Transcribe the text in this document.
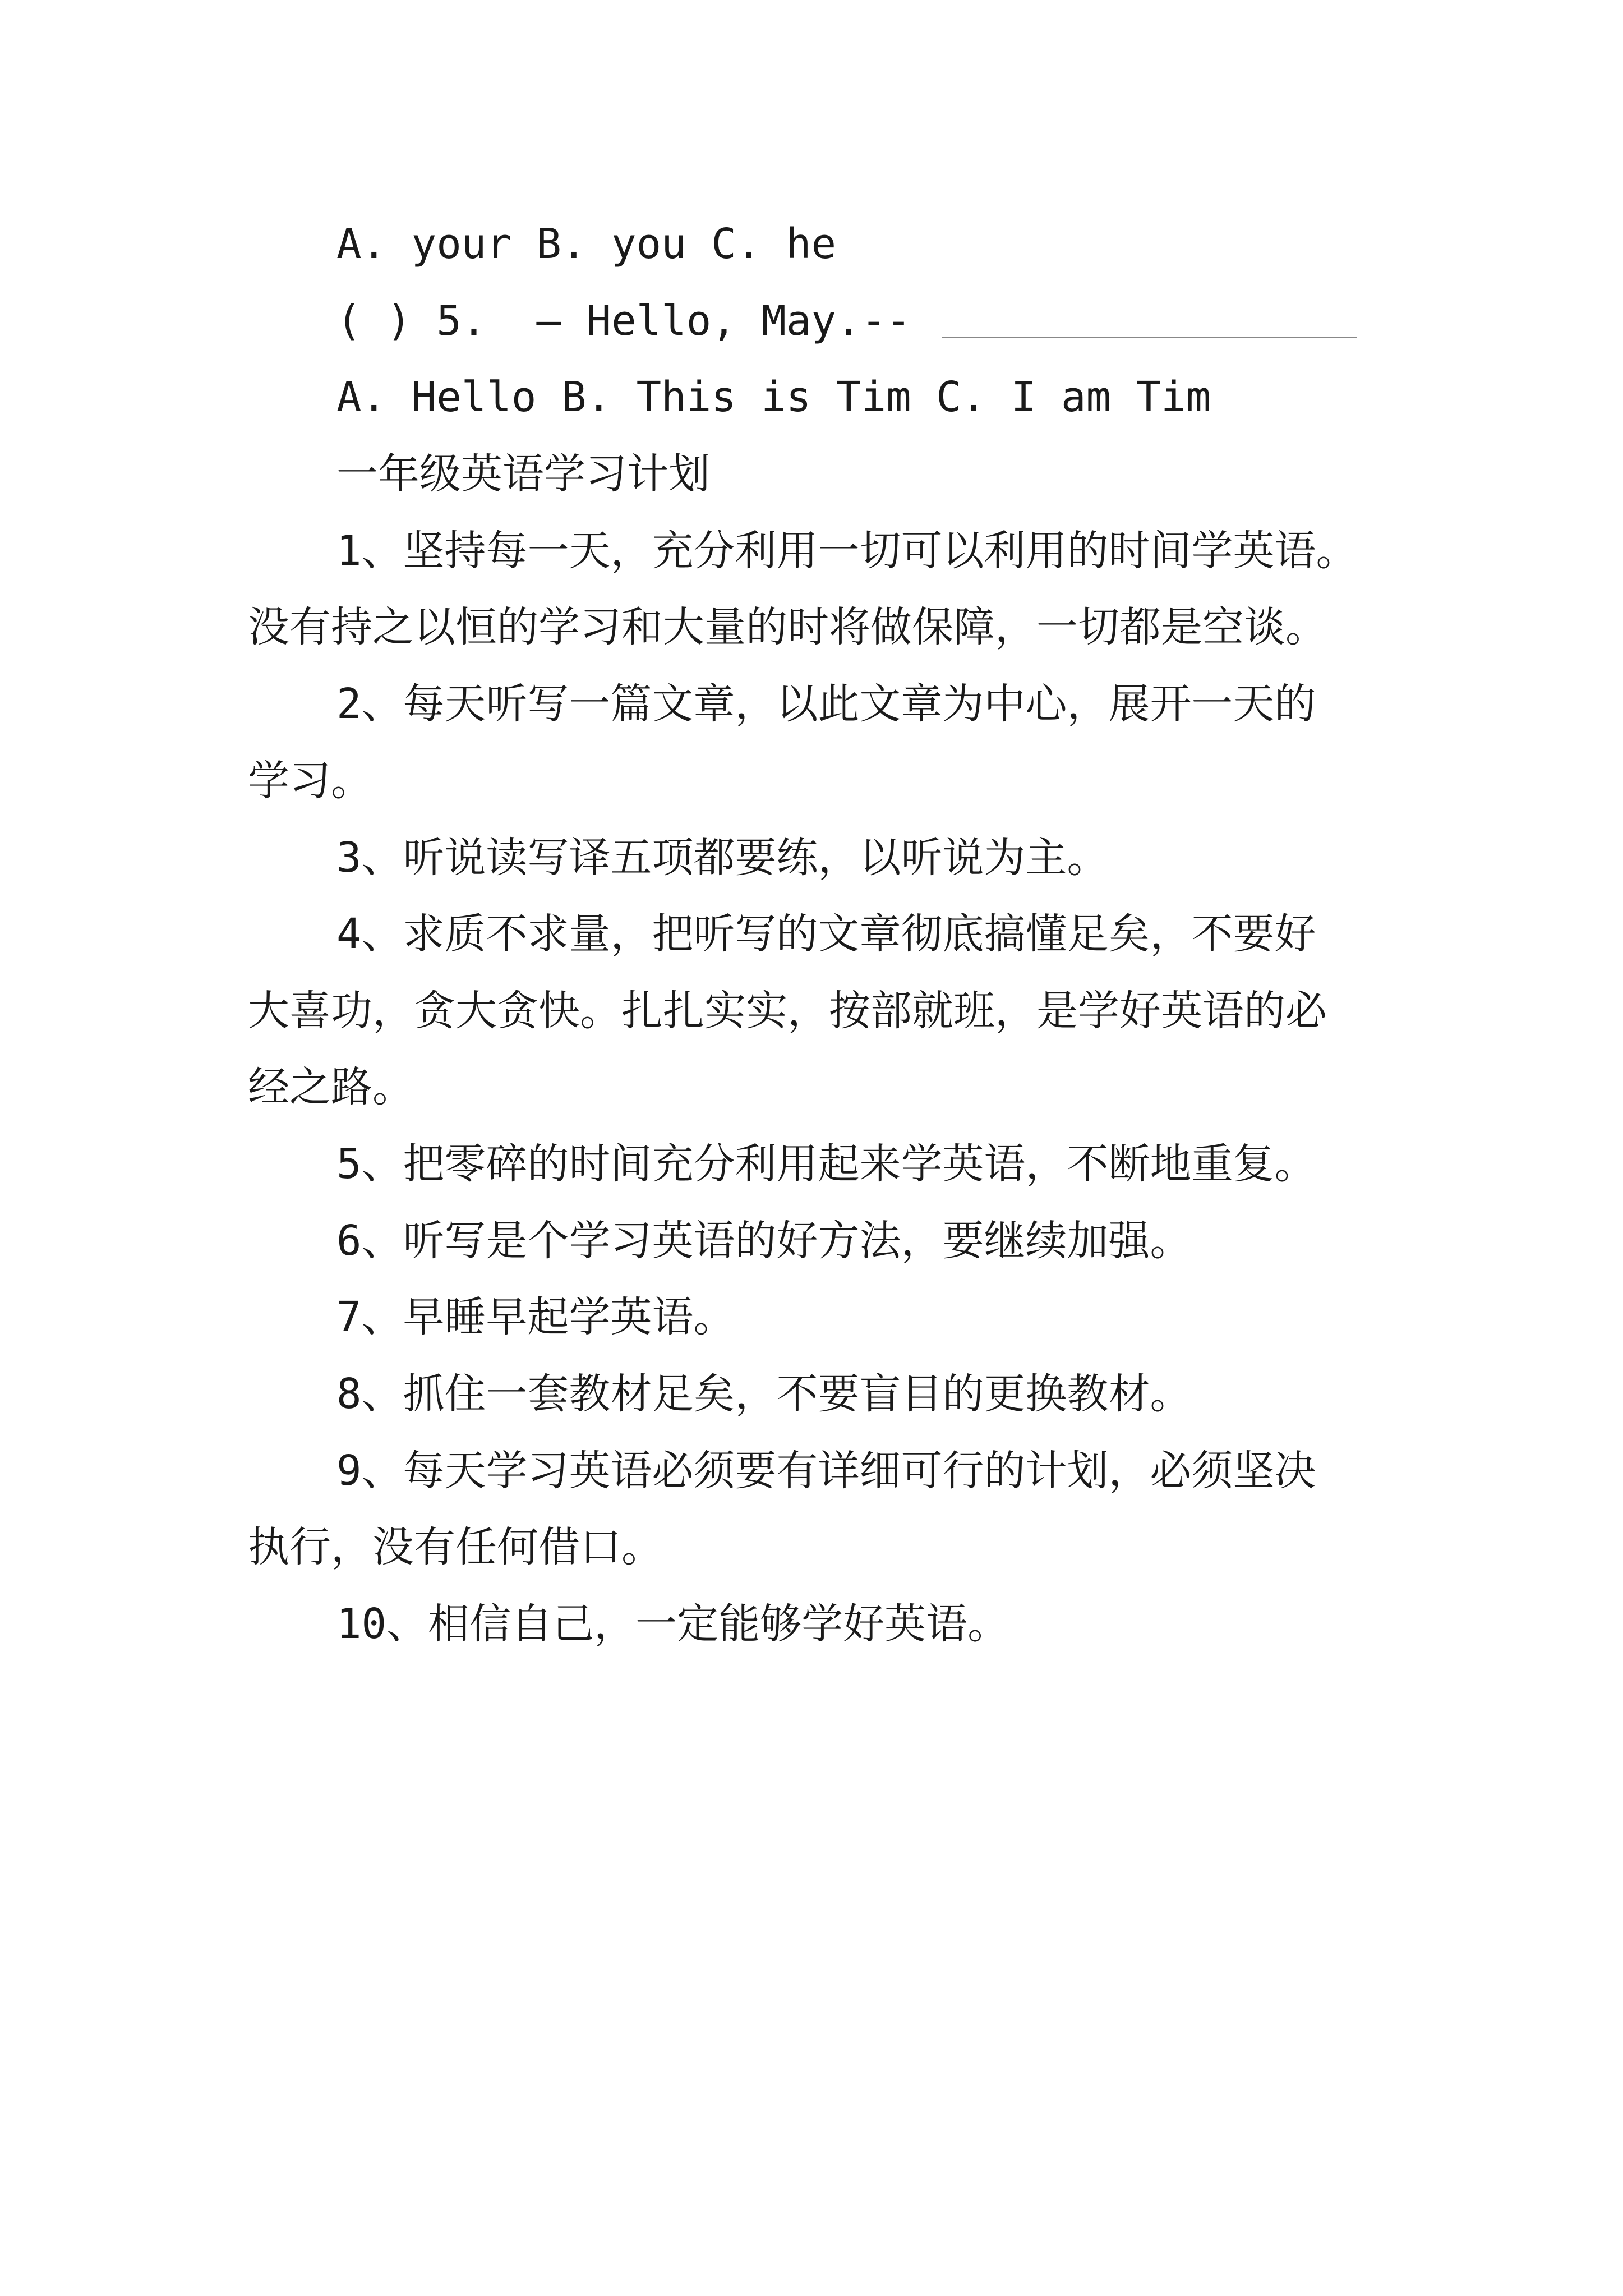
A. your B. you C. he
( ) 5.  – Hello, May.--
A. Hello B. This is Tim C. I am Tim
一年级英语学习计划
1、坚持每一天，充分利用一切可以利用的时间学英语。
没有持之以恒的学习和大量的时将做保障，一切都是空谈。
2、每天听写一篇文章，以此文章为中心，展开一天的
学习。
3、听说读写译五项都要练，以听说为主。
4、求质不求量，把听写的文章彻底搞懂足矣，不要好
大喜功，贪大贪快。扎扎实实，按部就班，是学好英语的必
经之路。
5、把零碎的时间充分利用起来学英语，不断地重复。
6、听写是个学习英语的好方法，要继续加强。
7、早睡早起学英语。
8、抓住一套教材足矣，不要盲目的更换教材。
9、每天学习英语必须要有详细可行的计划，必须坚决
执行，没有任何借口。
10、相信自己，一定能够学好英语。
